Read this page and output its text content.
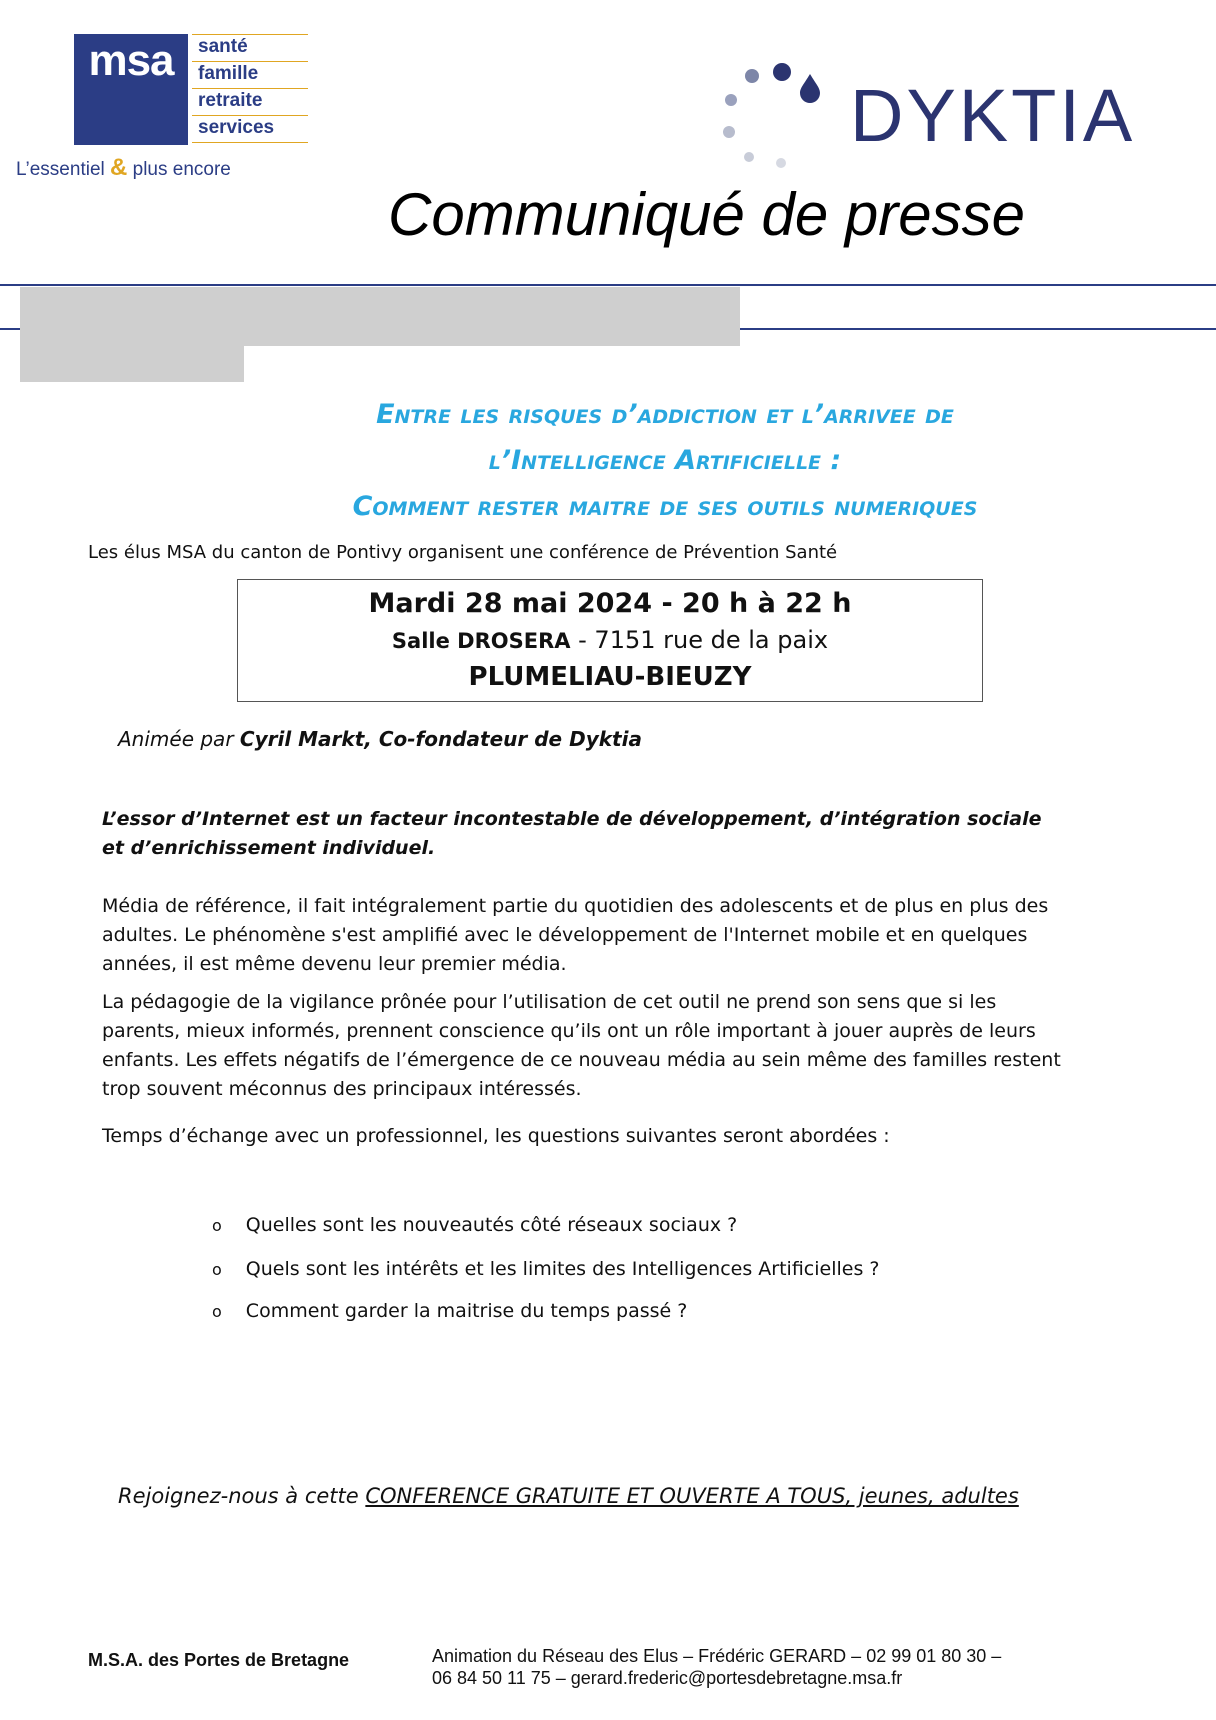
msa	santé
famille
retraite
services
L’essentiel & plus encore
DYKTIA
Communiqué de presse
Entre les risques d’addiction et l’arrivee de
l’Intelligence Artificielle :
Comment rester maitre de ses outils numeriques
Les élus MSA du canton de Pontivy organisent une conférence de Prévention Santé
Mardi 28 mai 2024 - 20 h à 22 h
Salle DROSERA - 7151 rue de la paix
PLUMELIAU-BIEUZY
Animée par Cyril Markt, Co-fondateur de Dyktia
L’essor d’Internet est un facteur incontestable de développement, d’intégration sociale et d’enrichissement individuel.
Média de référence, il fait intégralement partie du quotidien des adolescents et de plus en plus des adultes. Le phénomène s'est amplifié avec le développement de l'Internet mobile et en quelques années, il est même devenu leur premier média.
La pédagogie de la vigilance prônée pour l’utilisation de cet outil ne prend son sens que si les parents, mieux informés, prennent conscience qu’ils ont un rôle important à jouer auprès de leurs enfants. Les effets négatifs de l’émergence de ce nouveau média au sein même des familles restent trop souvent méconnus des principaux intéressés.
Temps d’échange avec un professionnel, les questions suivantes seront abordées :
o Quelles sont les nouveautés côté réseaux sociaux ?
o Quels sont les intérêts et les limites des Intelligences Artificielles ?
o Comment garder la maitrise du temps passé ?
Rejoignez-nous à cette CONFERENCE GRATUITE ET OUVERTE A TOUS, jeunes, adultes
M.S.A. des Portes de Bretagne	Animation du Réseau des Elus – Frédéric GERARD – 02 99 01 80 30 –
06 84 50 11 75 – gerard.frederic@portesdebretagne.msa.fr
